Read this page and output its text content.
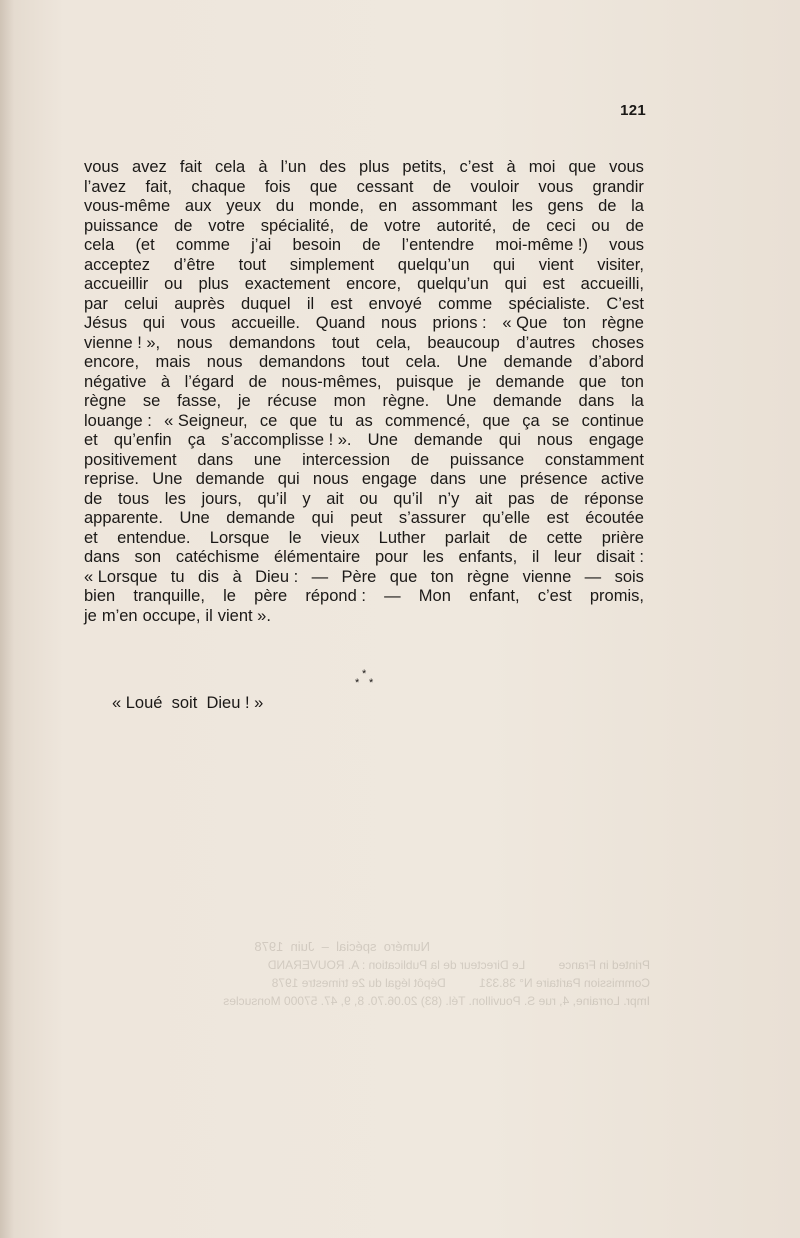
121
vous avez fait cela à l’un des plus petits, c’est à moi que vous
l’avez fait, chaque fois que cessant de vouloir vous grandir
vous-même aux yeux du monde, en assommant les gens de la
puissance de votre spécialité, de votre autorité, de ceci ou de
cela (et comme j’ai besoin de l’entendre moi-même !) vous
acceptez d’être tout simplement quelqu’un qui vient visiter,
accueillir ou plus exactement encore, quelqu’un qui est accueilli,
par celui auprès duquel il est envoyé comme spécialiste. C’est
Jésus qui vous accueille. Quand nous prions : « Que ton règne
vienne ! », nous demandons tout cela, beaucoup d’autres choses
encore, mais nous demandons tout cela. Une demande d’abord
négative à l’égard de nous-mêmes, puisque je demande que ton
règne se fasse, je récuse mon règne. Une demande dans la
louange : « Seigneur, ce que tu as commencé, que ça se continue
et qu’enfin ça s’accomplisse ! ». Une demande qui nous engage
positivement dans une intercession de puissance constamment
reprise. Une demande qui nous engage dans une présence active
de tous les jours, qu’il y ait ou qu’il n’y ait pas de réponse
apparente. Une demande qui peut s’assurer qu’elle est écoutée
et entendue. Lorsque le vieux Luther parlait de cette prière
dans son catéchisme élémentaire pour les enfants, il leur disait :
« Lorsque tu dis à Dieu : — Père que ton règne vienne — sois
bien tranquille, le père répond : — Mon enfant, c’est promis,
je m’en occupe, il vient ».
*
* *
« Loué  soit  Dieu ! »
Numéro  spécial  –  Juin  1978
Printed in France          Le Directeur de la Publication : A. ROUVERAND
Commission Paritaire N° 38.331          Dépôt légal du 2e trimestre 1978
Impr. Lorraine, 4, rue S. Pouvillon. Tél. (83) 20.06.70. 8, 9, 47. 57000 Monsucles
